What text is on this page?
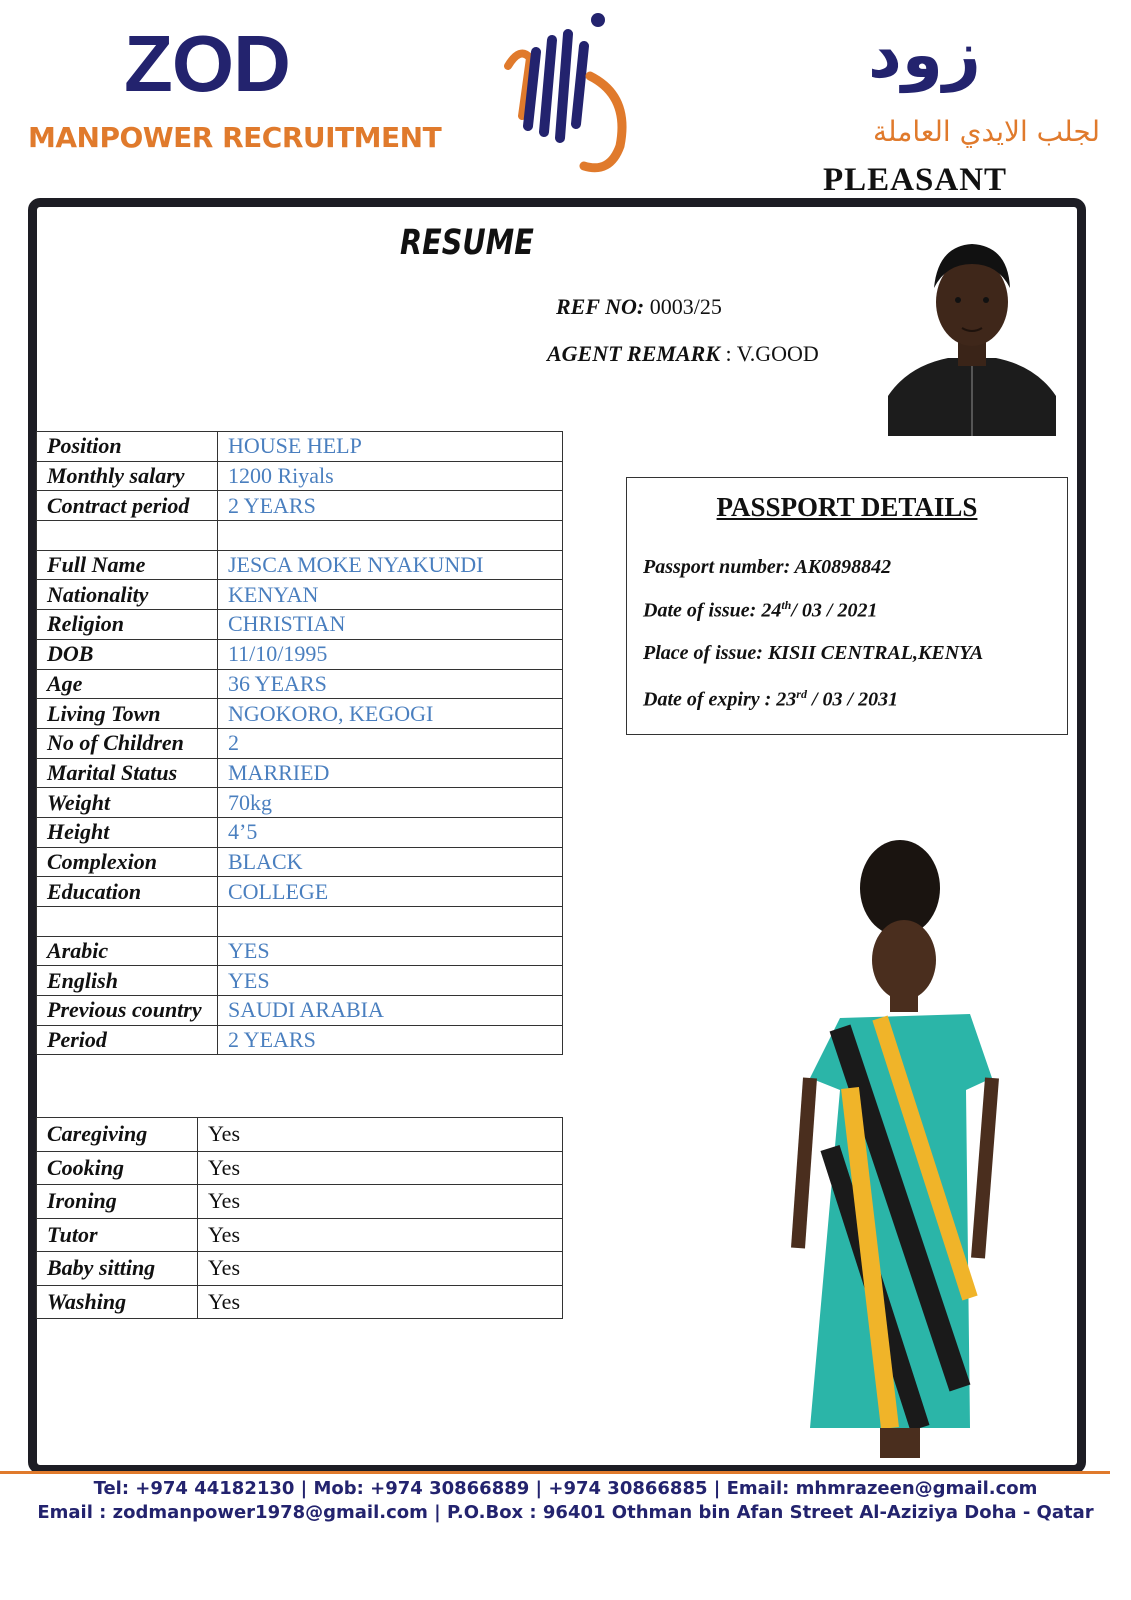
ZOD
MANPOWER RECRUITMENT
زود
لجلب الايدي العاملة
PLEASANT
RESUME
REF NO: 0003/25
AGENT REMARK : V.GOOD
Position	HOUSE HELP
Monthly salary	1200 Riyals
Contract period	2 YEARS

Full Name	JESCA MOKE NYAKUNDI
Nationality	KENYAN
Religion	CHRISTIAN
DOB	11/10/1995
Age	36 YEARS
Living Town	NGOKORO, KEGOGI
No of Children	2
Marital Status	MARRIED
Weight	70kg
Height	4’5
Complexion	BLACK
Education	COLLEGE

Arabic	YES
English	YES
Previous country	SAUDI ARABIA
Period	2 YEARS
Caregiving	Yes
Cooking	Yes
Ironing	Yes
Tutor	Yes
Baby sitting	Yes
Washing	Yes
PASSPORT DETAILS
Passport number: AK0898842
Date of issue: 24th/ 03 / 2021
Place of issue: KISII CENTRAL,KENYA
Date of expiry : 23rd / 03 / 2031
Tel: +974 44182130 | Mob: +974 30866889 | +974 30866885 | Email: mhmrazeen@gmail.com
Email : zodmanpower1978@gmail.com | P.O.Box : 96401 Othman bin Afan Street Al-Aziziya Doha - Qatar
